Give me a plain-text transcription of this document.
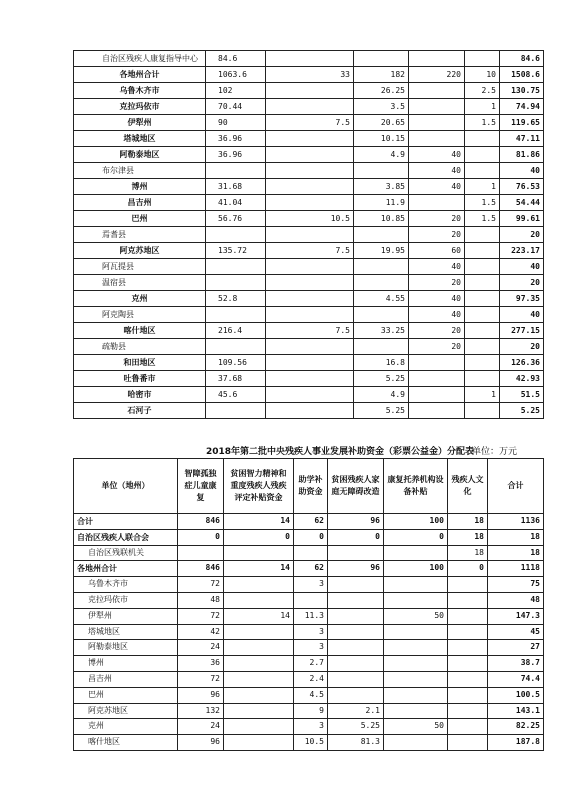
自治区残疾人康复指导中心	84.6					84.6
各地州合计	1063.6	33	182	220	10	1508.6
乌鲁木齐市	102		26.25		2.5	130.75
克拉玛依市	70.44		3.5		1	74.94
伊犁州	90	7.5	20.65		1.5	119.65
塔城地区	36.96		10.15			47.11
阿勒泰地区	36.96		4.9	40		81.86
布尔津县				40		40
博州	31.68		3.85	40	1	76.53
昌吉州	41.04		11.9		1.5	54.44
巴州	56.76	10.5	10.85	20	1.5	99.61
焉耆县				20		20
阿克苏地区	135.72	7.5	19.95	60		223.17
阿瓦提县				40		40
温宿县				20		20
克州	52.8		4.55	40		97.35
阿克陶县				40		40
喀什地区	216.4	7.5	33.25	20		277.15
疏勒县				20		20
和田地区	109.56		16.8			126.36
吐鲁番市	37.68		5.25			42.93
哈密市	45.6		4.9		1	51.5
石河子			5.25			5.25
2018年第二批中央残疾人事业发展补助资金（彩票公益金）分配表
单位：万元
单位（地州）	智障孤独症儿童康复	贫困智力精神和重度残疾人残疾评定补贴资金	助学补助资金	贫困残疾人家庭无障碍改造	康复托养机构设备补贴	残疾人文化	合计
合计	846	14	62	96	100	18	1136
自治区残疾人联合会	0	0	0	0	0	18	18
自治区残联机关						18	18
各地州合计	846	14	62	96	100	0	1118
乌鲁木齐市	72		3				75
克拉玛依市	48						48
伊犁州	72	14	11.3		50		147.3
塔城地区	42		3				45
阿勒泰地区	24		3				27
博州	36		2.7				38.7
昌吉州	72		2.4				74.4
巴州	96		4.5				100.5
阿克苏地区	132		9	2.1			143.1
克州	24		3	5.25	50		82.25
喀什地区	96		10.5	81.3			187.8
